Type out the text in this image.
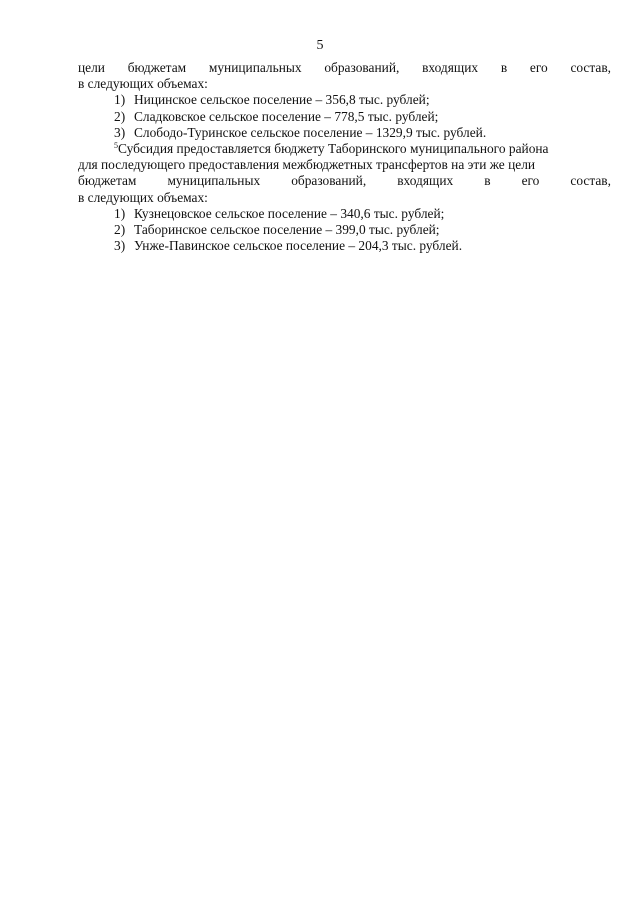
5
цели бюджетам муниципальных образований, входящих в его состав,

в следующих объемах:

1) Ницинское сельское поселение – 356,8 тыс. рублей;

2) Сладковское сельское поселение – 778,5 тыс. рублей;

3) Слободо-Туринское сельское поселение – 1329,9 тыс. рублей.

$^5$Субсидия предоставляется бюджету Таборинского муниципального района

для последующего предоставления межбюджетных трансфертов на эти же цели

бюджетам муниципальных образований, входящих в его состав,

в следующих объемах:

1) Кузнецовское сельское поселение – 340,6 тыс. рублей;

2) Таборинское сельское поселение – 399,0 тыс. рублей;

3) Унже-Павинское сельское поселение – 204,3 тыс. рублей.
